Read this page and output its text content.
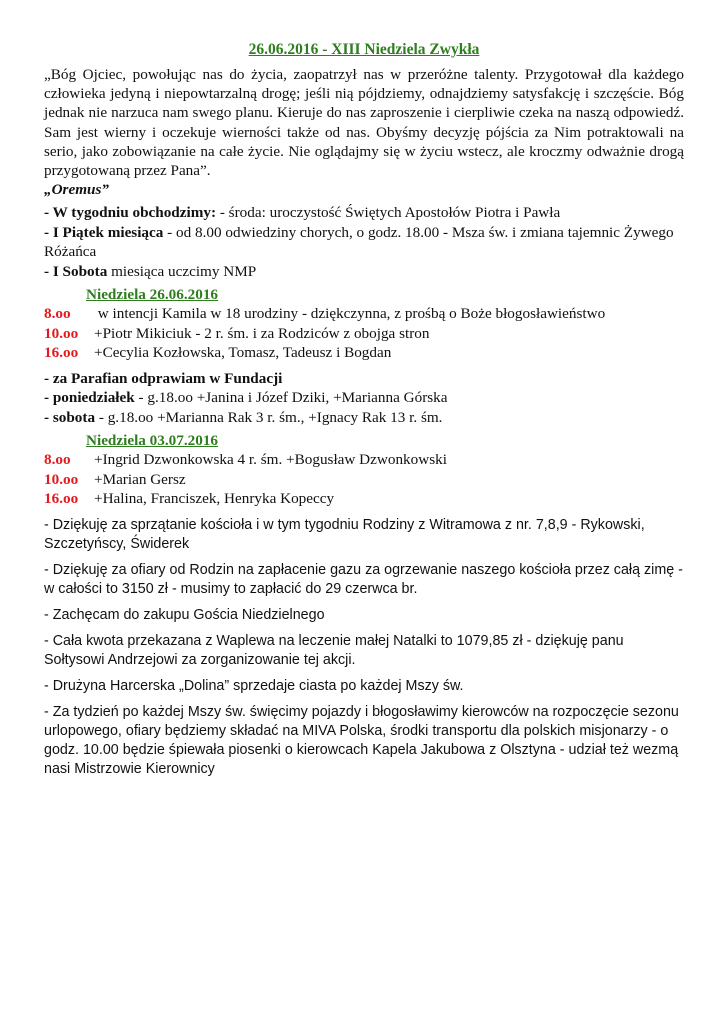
26.06.2016 - XIII Niedziela Zwykła
„Bóg Ojciec, powołując nas do życia, zaopatrzył nas w przeróżne talenty. Przygotował dla każdego człowieka jedyną i niepowtarzalną drogę; jeśli nią pójdziemy, odnajdziemy satysfakcję i szczęście. Bóg jednak nie narzuca nam swego planu. Kieruje do nas zaproszenie i cierpliwie czeka na naszą odpowiedź. Sam jest wierny i oczekuje wierności także od nas. Obyśmy decyzję pójścia za Nim potraktowali na serio, jako zobowiązanie na całe życie. Nie oglądajmy się w życiu wstecz, ale kroczmy odważnie drogą przygotowaną przez Pana”.
„Oremus”
- W tygodniu obchodzimy: - środa: uroczystość Świętych Apostołów Piotra i Pawła
- I Piątek miesiąca - od 8.00 odwiedziny chorych, o godz. 18.00 - Msza św. i zmiana tajemnic Żywego Różańca
- I Sobota miesiąca uczcimy NMP
Niedziela 26.06.2016
8.oo w intencji Kamila w 18 urodziny - dziękczynna, z prośbą o Boże błogosławieństwo
10.oo +Piotr Mikiciuk - 2 r. śm. i za Rodziców z obojga stron
16.oo +Cecylia Kozłowska, Tomasz, Tadeusz i Bogdan
- za Parafian odprawiam w Fundacji
- poniedziałek - g.18.oo +Janina i Józef Dziki, +Marianna Górska
- sobota - g.18.oo +Marianna Rak 3 r. śm., +Ignacy Rak 13 r. śm.
Niedziela 03.07.2016
8.oo +Ingrid Dzwonkowska 4 r. śm. +Bogusław Dzwonkowski
10.oo +Marian Gersz
16.oo +Halina, Franciszek, Henryka Kopeccy
- Dziękuję za sprzątanie kościoła i w tym tygodniu Rodziny z Witramowa z nr. 7,8,9 - Rykowski, Szczetyńscy, Świderek
- Dziękuję za ofiary od Rodzin na zapłacenie gazu za ogrzewanie naszego kościoła przez całą zimę - w całości to 3150 zł - musimy to zapłacić do 29 czerwca br.
- Zachęcam do zakupu Gościa Niedzielnego
- Cała kwota przekazana z Waplewa na leczenie małej Natalki to 1079,85 zł - dziękuję panu Sołtysowi Andrzejowi za zorganizowanie tej akcji.
- Drużyna Harcerska „Dolina” sprzedaje ciasta po każdej Mszy św.
- Za tydzień po każdej Mszy św. święcimy pojazdy i błogosławimy kierowców na rozpoczęcie sezonu urlopowego, ofiary będziemy składać na MIVA Polska, środki transportu dla polskich misjonarzy - o godz. 10.00 będzie śpiewała piosenki o kierowcach Kapela Jakubowa z Olsztyna - udział też wezmą nasi Mistrzowie Kierownicy
